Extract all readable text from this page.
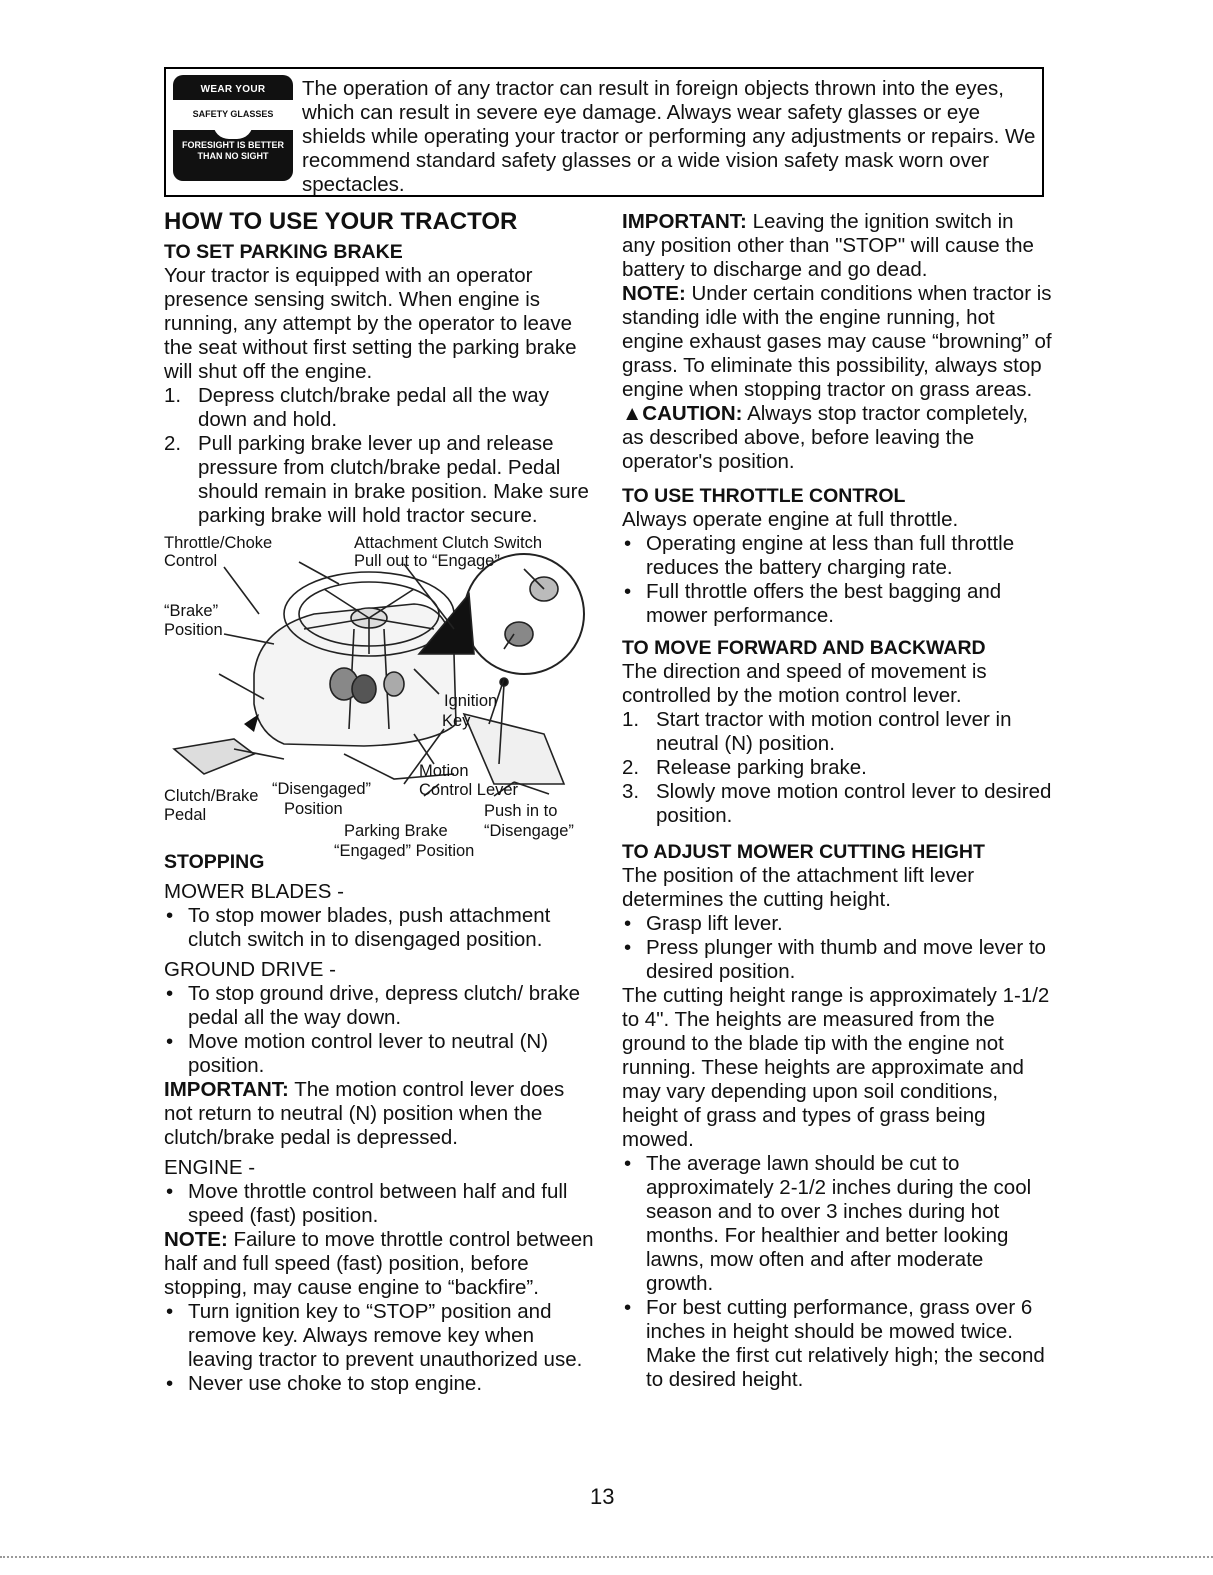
WEAR YOUR
SAFETY GLASSES
FORESIGHT IS BETTER
THAN NO SIGHT
The operation of any tractor can result in foreign objects thrown into the eyes, which can result in severe eye damage. Always wear safety glasses or eye shields while operating your tractor or performing any adjustments or repairs. We recommend standard safety glasses or a wide vision safety mask worn over spectacles.
HOW TO USE YOUR TRACTOR
TO SET PARKING BRAKE

Your tractor is equipped with an operator presence sensing switch. When engine is running, any attempt by the operator to leave the seat without first setting the parking brake will shut off the engine.

1. Depress clutch/brake pedal all the way down and hold.
2. Pull parking brake lever up and release pressure from clutch/brake pedal. Pedal should remain in brake position. Make sure parking brake will hold tractor secure.
Throttle/Choke
Control
Attachment Clutch Switch
Pull out to “Engage”
“Brake”
Position
Ignition
Key
Motion
Control Lever
Clutch/Brake
Pedal
“Disengaged”
Position	Push in to
“Disengage”
Parking Brake
“Engaged” Position
STOPPING

MOWER BLADES -

• To stop mower blades, push attachment clutch switch in to disengaged position.

GROUND DRIVE -

• To stop ground drive, depress clutch/ brake pedal all the way down.
• Move motion control lever to neutral (N) position.

IMPORTANT: The motion control lever does not return to neutral (N) position when the clutch/brake pedal is depressed.

ENGINE -

• Move throttle control between half and full speed (fast) position.

NOTE: Failure to move throttle control between half and full speed (fast) position, before stopping, may cause engine to “backfire”.

• Turn ignition key to “STOP” position and remove key. Always remove key when leaving tractor to prevent unauthorized use.
• Never use choke to stop engine.

IMPORTANT: Leaving the ignition switch in any position other than "STOP" will cause the battery to discharge and go dead.

NOTE: Under certain conditions when tractor is standing idle with the engine running, hot engine exhaust gases may cause “browning” of grass. To eliminate this possibility, always stop engine when stopping tractor on grass areas.

▲CAUTION: Always stop tractor completely, as described above, before leaving the operator's position.

TO USE THROTTLE CONTROL

Always operate engine at full throttle.

• Operating engine at less than full throttle reduces the battery charging rate.
• Full throttle offers the best bagging and mower performance.
TO MOVE FORWARD AND BACKWARD

The direction and speed of movement is controlled by the motion control lever.

1. Start tractor with motion control lever in neutral (N) position.
2. Release parking brake.
3. Slowly move motion control lever to desired position.
TO ADJUST MOWER CUTTING HEIGHT

The position of the attachment lift lever determines the cutting height.

• Grasp lift lever.
• Press plunger with thumb and move lever to desired position.

The cutting height range is approximately 1-1/2 to 4". The heights are measured from the ground to the blade tip with the engine not running. These heights are approximate and may vary depending upon soil conditions, height of grass and types of grass being mowed.

• The average lawn should be cut to approximately 2-1/2 inches during the cool season and to over 3 inches during hot months. For healthier and better looking lawns, mow often and after moderate growth.
• For best cutting performance, grass over 6 inches in height should be mowed twice. Make the first cut relatively high; the second to desired height.
13
